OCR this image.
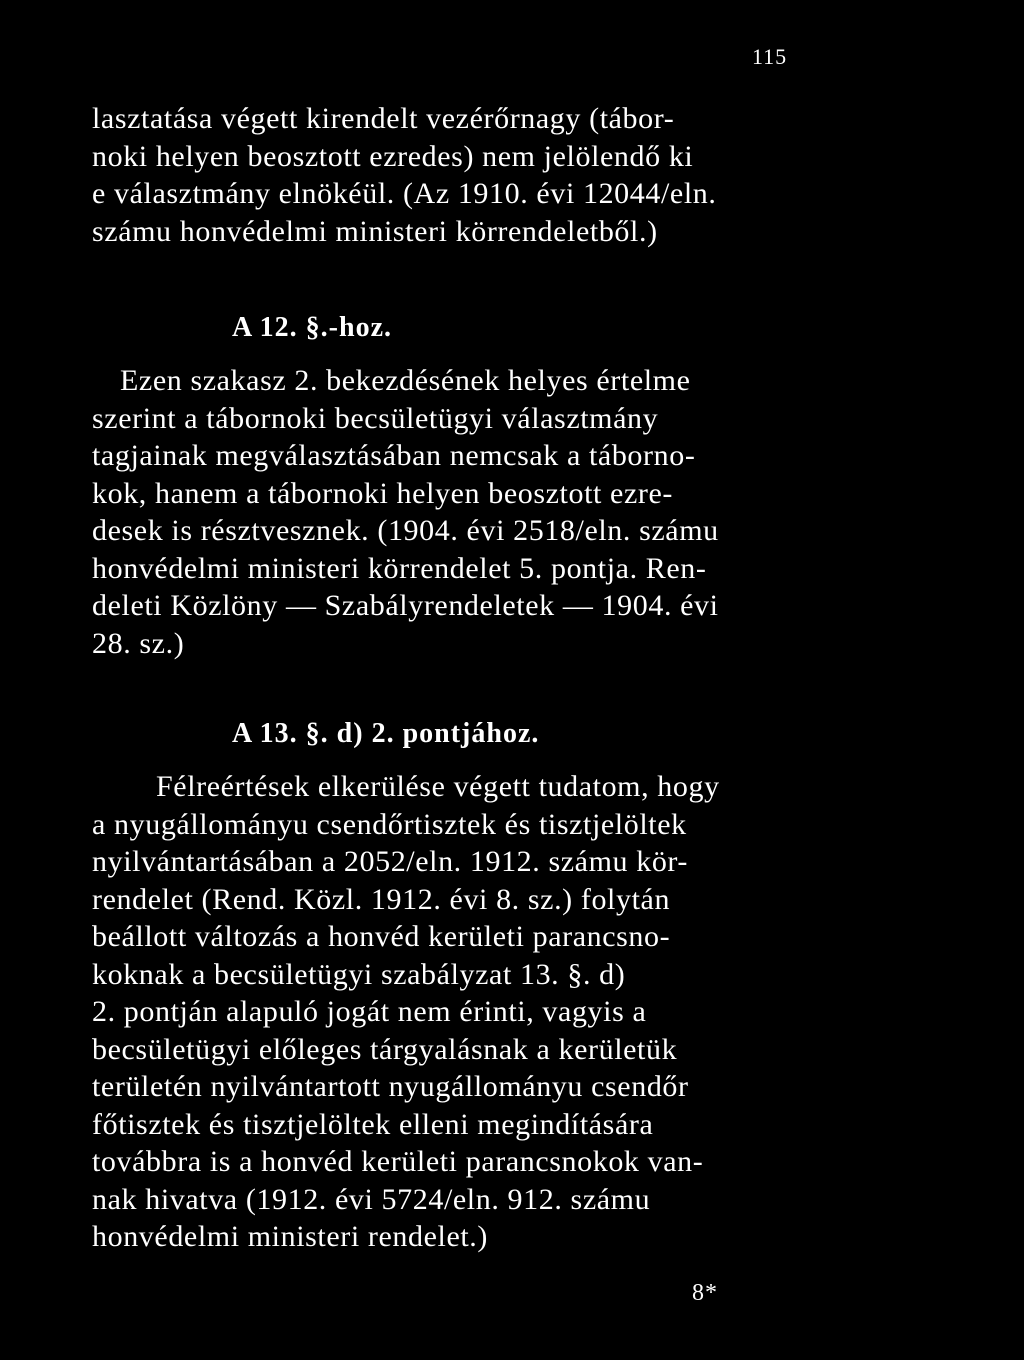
115
lasztatása végett kirendelt vezérőrnagy (tábor-
noki helyen beosztott ezredes) nem jelölendő ki
e választmány elnökéül. (Az 1910. évi 12044/eln.
számu honvédelmi ministeri körrendeletből.)
A 12. §.-hoz.
Ezen szakasz 2. bekezdésének helyes értelme
szerint a tábornoki becsületügyi választmány
tagjainak megválasztásában nemcsak a táborno-
kok, hanem a tábornoki helyen beosztott ezre-
desek is résztvesznek. (1904. évi 2518/eln. számu
honvédelmi ministeri körrendelet 5. pontja. Ren-
deleti Közlöny — Szabályrendeletek — 1904. évi
28. sz.)
A 13. §. d) 2. pontjához.
Félreértések elkerülése végett tudatom, hogy
a nyugállományu csendőrtisztek és tisztjelöltek
nyilvántartásában a 2052/eln. 1912. számu kör-
rendelet (Rend. Közl. 1912. évi 8. sz.) folytán
beállott változás a honvéd kerületi parancsno-
koknak a becsületügyi szabályzat 13. §. d)
2. pontján alapuló jogát nem érinti, vagyis a
becsületügyi előleges tárgyalásnak a kerületük
területén nyilvántartott nyugállományu csendőr
főtisztek és tisztjelöltek elleni megindítására
továbbra is a honvéd kerületi parancsnokok van-
nak hivatva (1912. évi 5724/eln. 912. számu
honvédelmi ministeri rendelet.)
8*
